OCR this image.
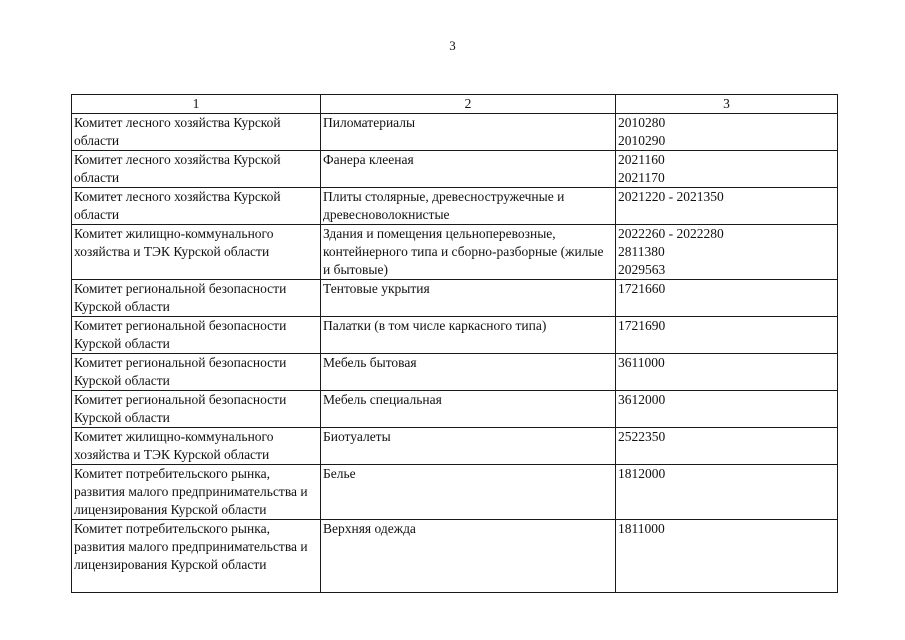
3
1	2	3

Комитет лесного хозяйства Курской области	Пиломатериалы	2010280
2010290

Комитет лесного хозяйства Курской области	Фанера клееная	2021160
2021170

Комитет лесного хозяйства Курской области	Плиты столярные, древесностружечные и древесноволокнистые	2021220 - 2021350

Комитет жилищно-коммунального хозяйства и ТЭК Курской области	Здания и помещения цельноперевозные, контейнерного типа и сборно-разборные (жилые и бытовые)	2022260 - 2022280
2811380
2029563

Комитет региональной безопасности Курской области	Тентовые укрытия	1721660

Комитет региональной безопасности Курской области	Палатки (в том числе каркасного типа)	1721690

Комитет региональной безопасности Курской области	Мебель бытовая	3611000

Комитет региональной безопасности Курской области	Мебель специальная	3612000

Комитет жилищно-коммунального хозяйства и ТЭК Курской области	Биотуалеты	2522350

Комитет потребительского рынка, развития малого предпринимательства и лицензирования Курской области	Белье	1812000

Комитет потребительского рынка, развития малого предпринимательства и лицензирования Курской области	Верхняя одежда	1811000
